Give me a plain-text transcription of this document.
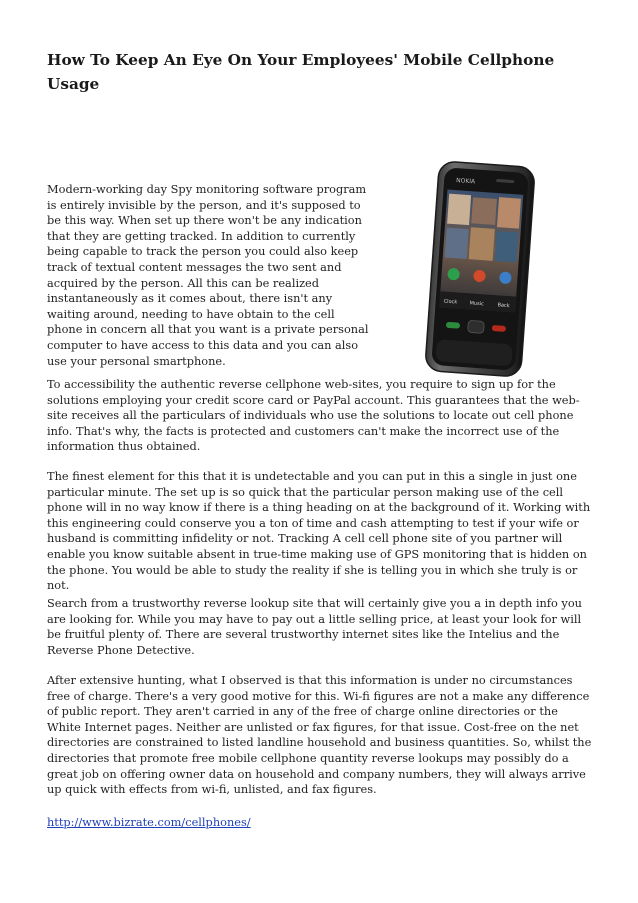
How To Keep An Eye On Your Employees' Mobile Cellphone Usage
NOKIA
Clock Music	Back

Modern-working day Spy monitoring software program is entirely invisible by the person, and it's supposed to be this way. When set up there won't be any indication that they are getting tracked. In addition to currently being capable to track the person you could also keep track of textual content messages the two sent and acquired by the person. All this can be realized instantaneously as it comes about, there isn't any waiting around, needing to have obtain to the cell phone in concern all that you want is a private personal computer to have access to this data and you can also use your personal smartphone.

To accessibility the authentic reverse cellphone web-sites, you require to sign up for the solutions employing your credit score card or PayPal account. This guarantees that the web-site receives all the particulars of individuals who use the solutions to locate out cell phone info. That's why, the facts is protected and customers can't make the incorrect use of the information thus obtained.

The finest element for this that it is undetectable and you can put in this a single in just one particular minute. The set up is so quick that the particular person making use of the cell phone will in no way know if there is a thing heading on at the background of it. Working with this engineering could conserve you a ton of time and cash attempting to test if your wife or husband is committing infidelity or not. Tracking A cell cell phone site of you partner will enable you know suitable absent in true-time making use of GPS monitoring that is hidden on the phone. You would be able to study the reality if she is telling you in which she truly is or not.

Search from a trustworthy reverse lookup site that will certainly give you a in depth info you are looking for. While you may have to pay out a little selling price, at least your look for will be fruitful plenty of. There are several trustworthy internet sites like the Intelius and the Reverse Phone Detective.

After extensive hunting, what I observed is that this information is under no circumstances free of charge. There's a very good motive for this. Wi-fi figures are not a make any difference of public report. They aren't carried in any of the free of charge online directories or the White Internet pages. Neither are unlisted or fax figures, for that issue. Cost-free on the net directories are constrained to listed landline household and business quantities. So, whilst the directories that promote free mobile cellphone quantity reverse lookups may possibly do a great job on offering owner data on household and company numbers, they will always arrive up quick with effects from wi-fi, unlisted, and fax figures.

http://www.bizrate.com/cellphones/
